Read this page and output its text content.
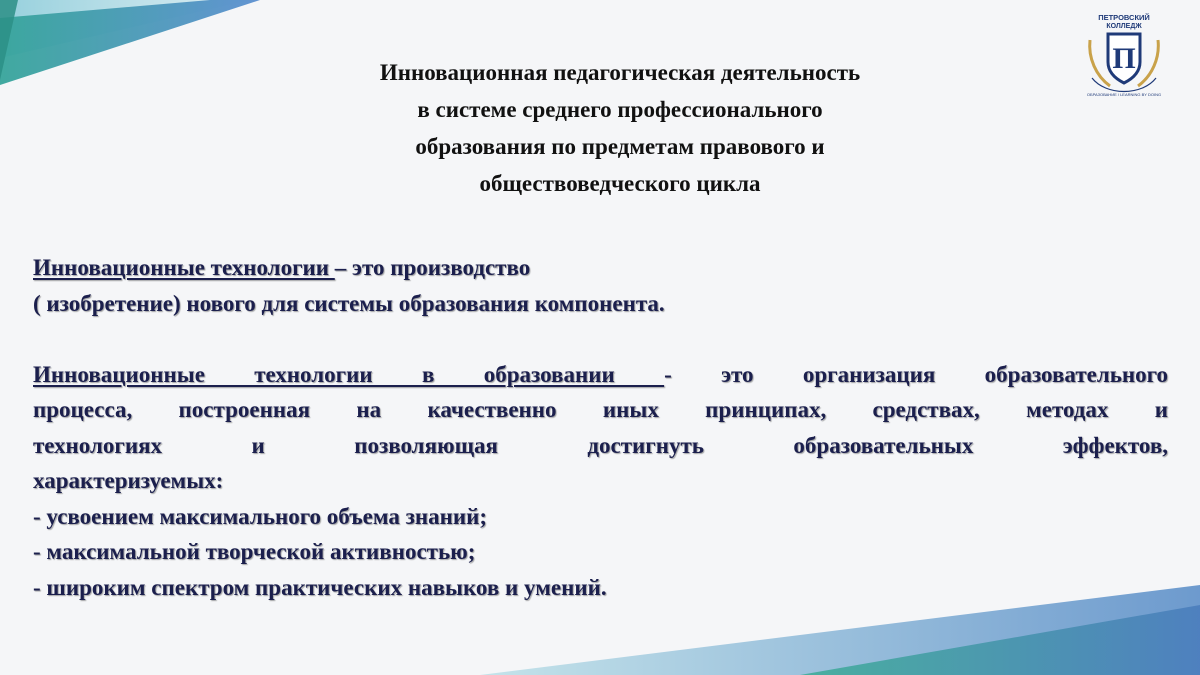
ПЕТРОВСКИЙ
КОЛЛЕДЖ
П
ОБРАЗОВАНИЕ / LEARNING BY DOING
Инновационная педагогическая деятельность
в системе среднего профессионального
образования по предметам правового и
обществоведческого цикла
Инновационные технологии – это производство
( изобретение) нового для системы образования компонента.
Инновационные технологии в образовании - это организация образовательного
процесса, построенная на качественно иных принципах, средствах, методах и
технологиях и позволяющая достигнуть образовательных эффектов,
характеризуемых:
- усвоением максимального объема знаний;
- максимальной творческой активностью;
- широким спектром практических навыков и умений.
